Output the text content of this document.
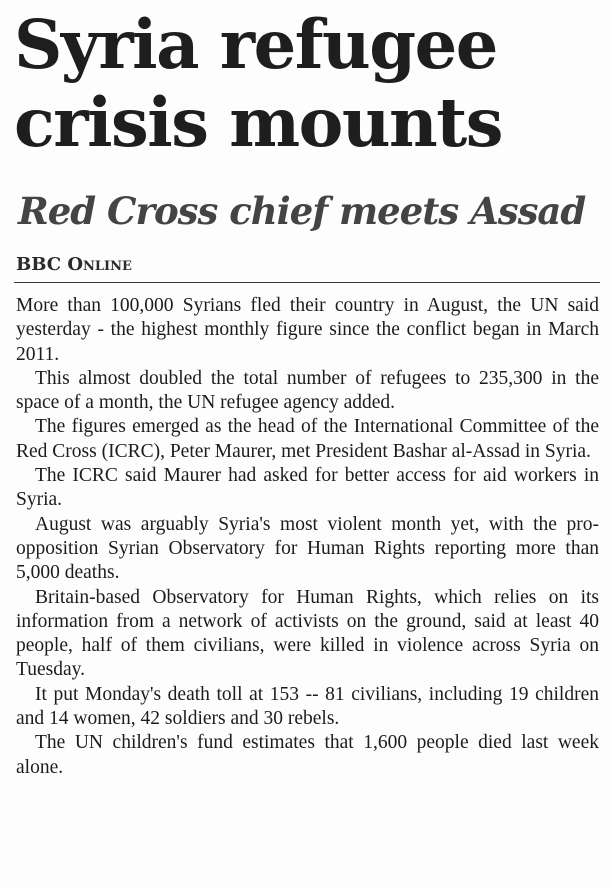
Syria refugee crisis mounts
Red Cross chief meets Assad
BBC Online

More than 100,000 Syrians fled their country in August, the UN said yesterday - the highest monthly figure since the conflict began in March 2011.

This almost doubled the total number of refugees to 235,300 in the space of a month, the UN refugee agency added.

The figures emerged as the head of the International Committee of the Red Cross (ICRC), Peter Maurer, met President Bashar al-Assad in Syria.

The ICRC said Maurer had asked for better access for aid workers in Syria.

August was arguably Syria's most violent month yet, with the pro-opposition Syrian Observatory for Human Rights reporting more than 5,000 deaths.

Britain-based Observatory for Human Rights, which relies on its information from a network of activists on the ground, said at least 40 people, half of them civilians, were killed in violence across Syria on Tuesday.

It put Monday's death toll at 153 -- 81 civilians, including 19 children and 14 women, 42 soldiers and 30 rebels.

The UN children's fund estimates that 1,600 people died last week alone.
